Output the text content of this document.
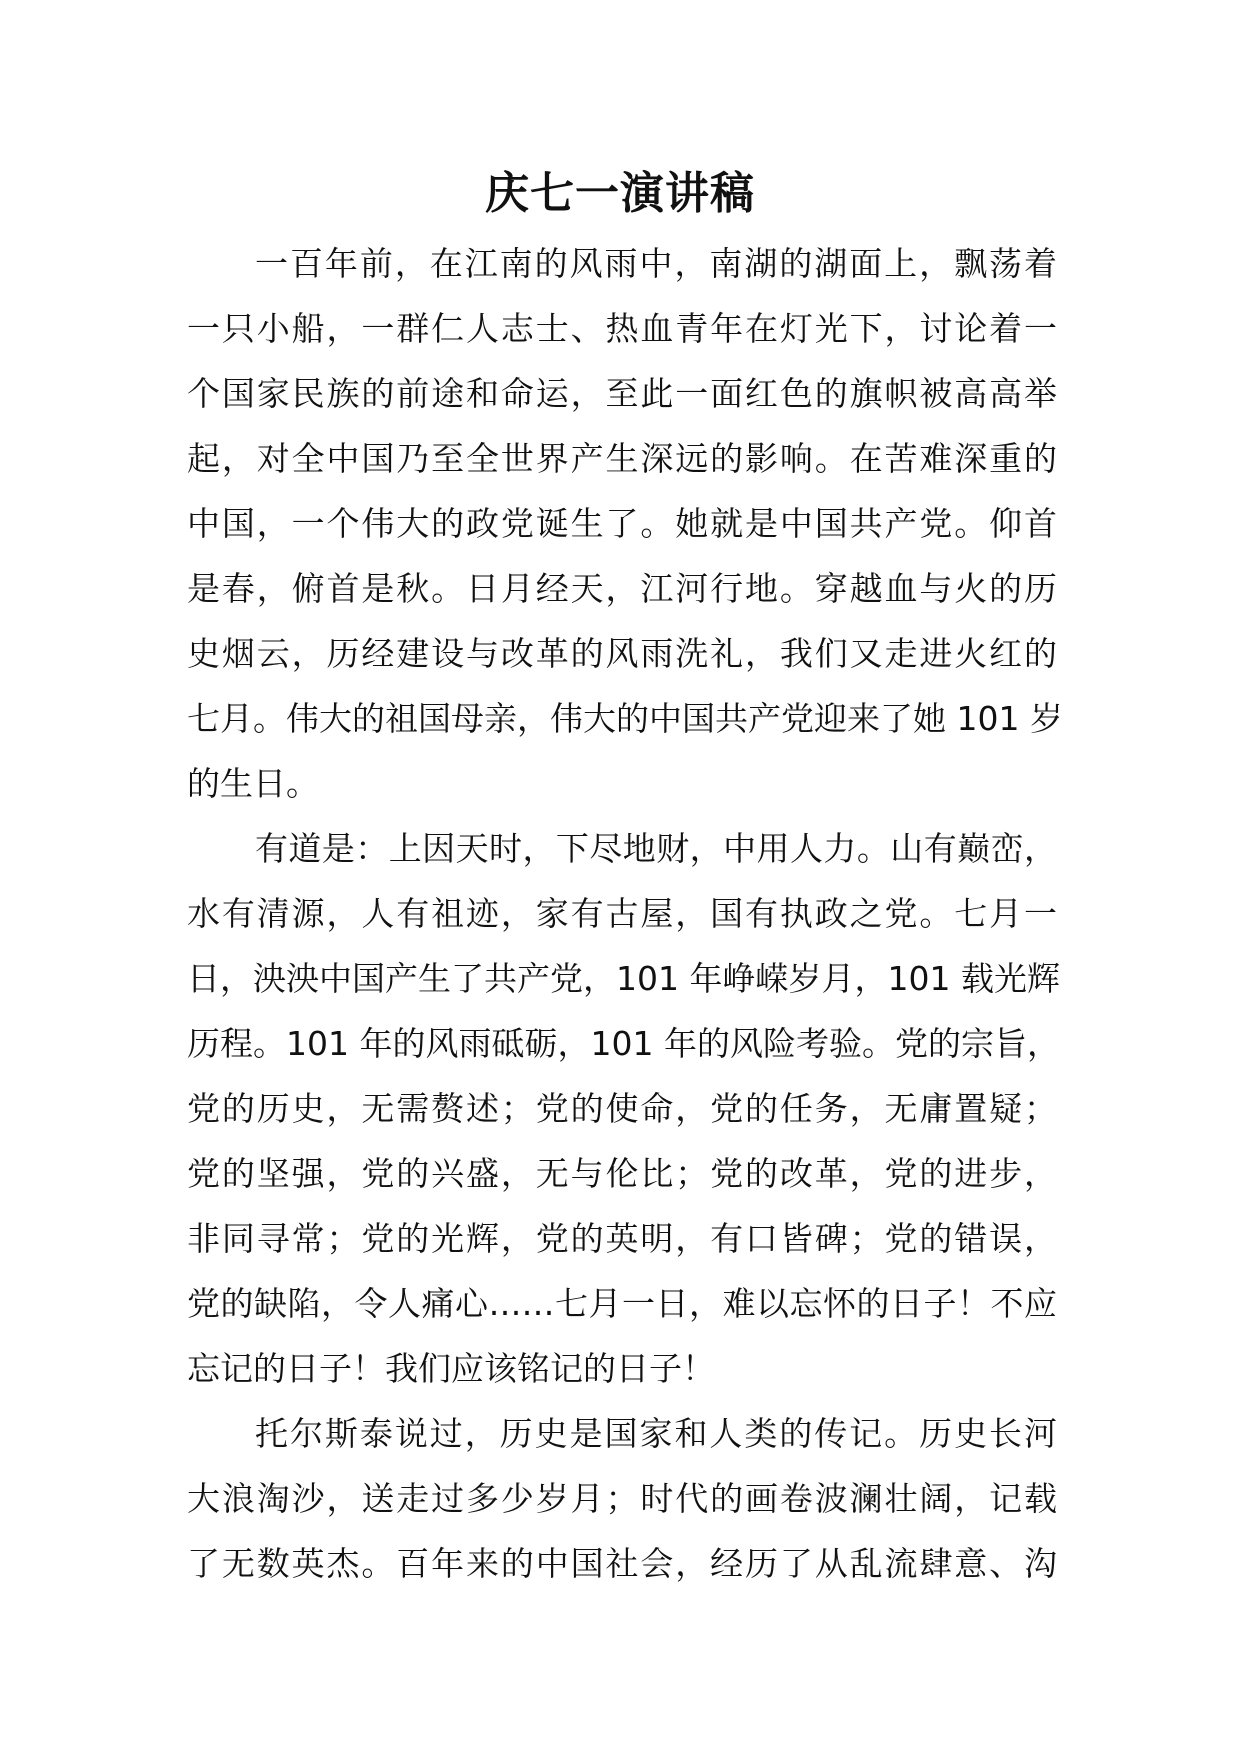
庆七一演讲稿
一百年前，在江南的风雨中，南湖的湖面上，飘荡着
一只小船，一群仁人志士、热血青年在灯光下，讨论着一
个国家民族的前途和命运，至此一面红色的旗帜被高高举
起，对全中国乃至全世界产生深远的影响。在苦难深重的
中国，一个伟大的政党诞生了。她就是中国共产党。仰首
是春，俯首是秋。日月经天，江河行地。穿越血与火的历
史烟云，历经建设与改革的风雨洗礼，我们又走进火红的
七月。伟大的祖国母亲，伟大的中国共产党迎来了她 101 岁
的生日。
有道是：上因天时，下尽地财，中用人力。山有巅峦，
水有清源，人有祖迹，家有古屋，国有执政之党。七月一
日，泱泱中国产生了共产党，101 年峥嵘岁月，101 载光辉
历程。101 年的风雨砥砺，101 年的风险考验。党的宗旨，
党的历史，无需赘述；党的使命，党的任务，无庸置疑；
党的坚强，党的兴盛，无与伦比；党的改革，党的进步，
非同寻常；党的光辉，党的英明，有口皆碑；党的错误，
党的缺陷，令人痛心……七月一日，难以忘怀的日子！不应
忘记的日子！我们应该铭记的日子！
托尔斯泰说过，历史是国家和人类的传记。历史长河
大浪淘沙，送走过多少岁月；时代的画卷波澜壮阔，记载
了无数英杰。百年来的中国社会，经历了从乱流肆意、沟
